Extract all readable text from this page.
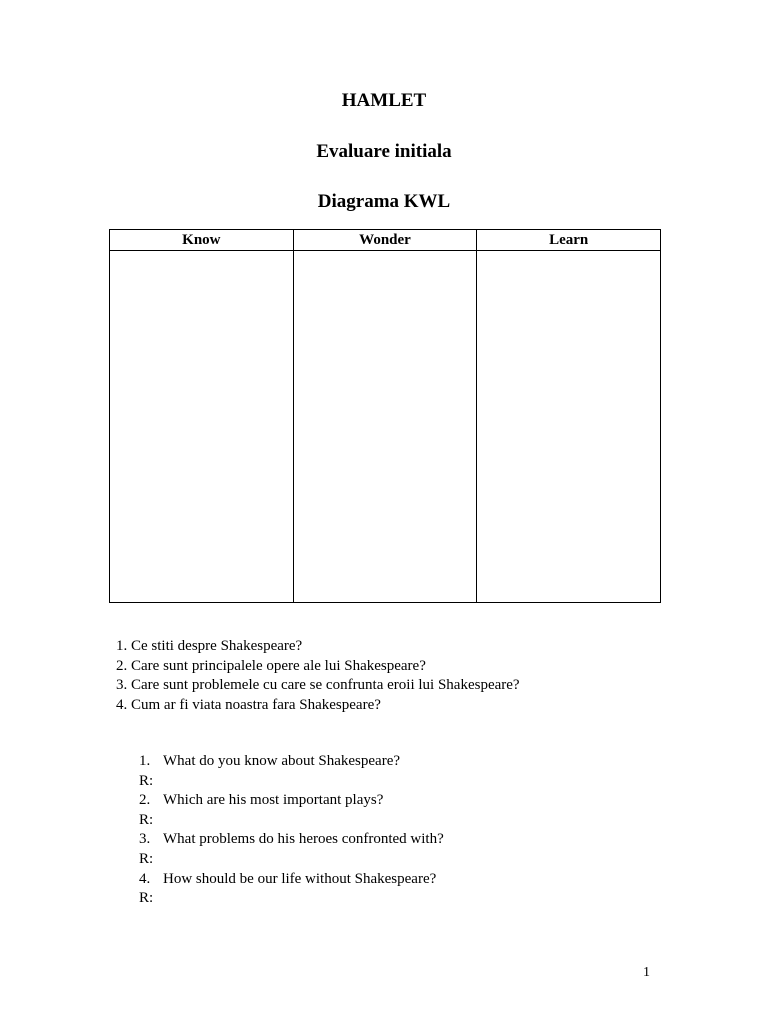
HAMLET
Evaluare initiala
Diagrama KWL
Know	Wonder	Learn

1. Ce stiti despre Shakespeare?
2. Care sunt principalele opere ale lui Shakespeare?
3. Care sunt problemele cu care se confrunta eroii lui Shakespeare?
4. Cum ar fi viata noastra fara Shakespeare?
1. What do you know about Shakespeare?
R:
2. Which are his most important plays?
R:
3. What problems do his heroes confronted with?
R:
4. How should be our life without Shakespeare?
R:
1
